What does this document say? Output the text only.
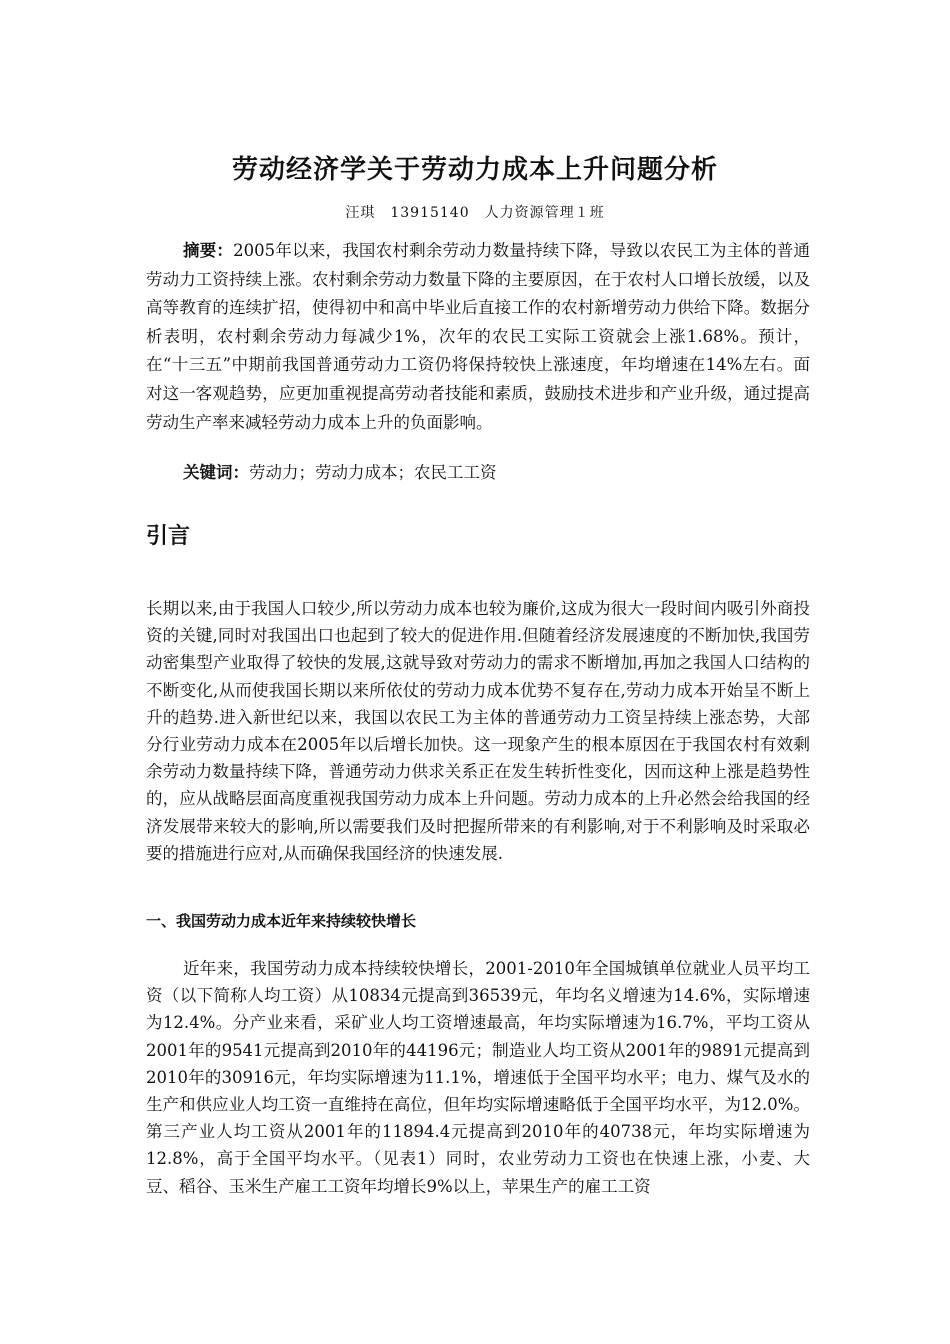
劳动经济学关于劳动力成本上升问题分析
汪琪　13915140　人力资源管理１班

摘要：2005年以来，我国农村剩余劳动力数量持续下降，导致以农民工为主体的普通劳动力工资持续上涨。农村剩余劳动力数量下降的主要原因，在于农村人口增长放缓，以及高等教育的连续扩招，使得初中和高中毕业后直接工作的农村新增劳动力供给下降。数据分析表明，农村剩余劳动力每减少1%，次年的农民工实际工资就会上涨1.68%。预计，在“十三五”中期前我国普通劳动力工资仍将保持较快上涨速度，年均增速在14%左右。面对这一客观趋势，应更加重视提高劳动者技能和素质，鼓励技术进步和产业升级，通过提高劳动生产率来减轻劳动力成本上升的负面影响。

关键词：劳动力；劳动力成本；农民工工资

引言

长期以来,由于我国人口较少,所以劳动力成本也较为廉价,这成为很大一段时间内吸引外商投资的关键,同时对我国出口也起到了较大的促进作用.但随着经济发展速度的不断加快,我国劳动密集型产业取得了较快的发展,这就导致对劳动力的需求不断增加,再加之我国人口结构的不断变化,从而使我国长期以来所依仗的劳动力成本优势不复存在,劳动力成本开始呈不断上升的趋势.进入新世纪以来，我国以农民工为主体的普通劳动力工资呈持续上涨态势，大部分行业劳动力成本在2005年以后增长加快。这一现象产生的根本原因在于我国农村有效剩余劳动力数量持续下降，普通劳动力供求关系正在发生转折性变化，因而这种上涨是趋势性的，应从战略层面高度重视我国劳动力成本上升问题。劳动力成本的上升必然会给我国的经济发展带来较大的影响,所以需要我们及时把握所带来的有利影响,对于不利影响及时采取必要的措施进行应对,从而确保我国经济的快速发展.

一、我国劳动力成本近年来持续较快增长

近年来，我国劳动力成本持续较快增长，2001-2010年全国城镇单位就业人员平均工资（以下简称人均工资）从10834元提高到36539元，年均名义增速为14.6%，实际增速为12.4%。分产业来看，采矿业人均工资增速最高，年均实际增速为16.7%，平均工资从2001年的9541元提高到2010年的44196元；制造业人均工资从2001年的9891元提高到2010年的30916元，年均实际增速为11.1%，增速低于全国平均水平；电力、煤气及水的生产和供应业人均工资一直维持在高位，但年均实际增速略低于全国平均水平，为12.0%。第三产业人均工资从2001年的11894.4元提高到2010年的40738元，年均实际增速为12.8%，高于全国平均水平。（见表1）同时，农业劳动力工资也在快速上涨，小麦、大豆、稻谷、玉米生产雇工工资年均增长9%以上，苹果生产的雇工工资
